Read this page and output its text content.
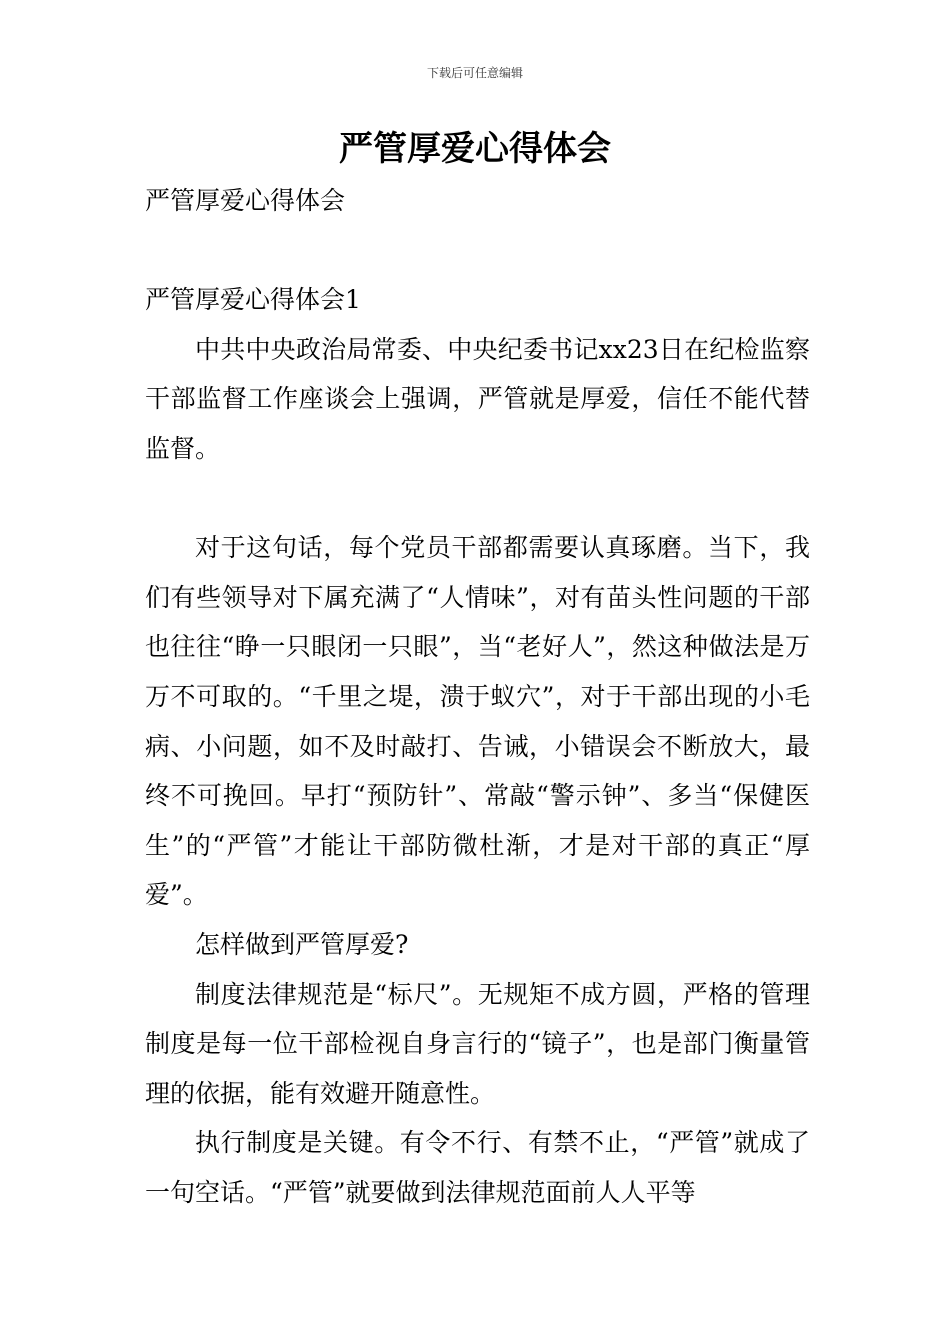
下载后可任意编辑
严管厚爱心得体会

严管厚爱心得体会

严管厚爱心得体会1

中共中央政治局常委、中央纪委书记xx23日在纪检监察干部监督工作座谈会上强调，严管就是厚爱，信任不能代替监督。

对于这句话，每个党员干部都需要认真琢磨。当下，我们有些领导对下属充满了“人情味”，对有苗头性问题的干部也往往“睁一只眼闭一只眼”，当“老好人”，然这种做法是万万不可取的。“千里之堤，溃于蚁穴”，对于干部出现的小毛病、小问题，如不及时敲打、告诫，小错误会不断放大，最终不可挽回。早打“预防针”、常敲“警示钟”、多当“保健医生”的“严管”才能让干部防微杜渐，才是对干部的真正“厚爱”。

怎样做到严管厚爱?

制度法律规范是“标尺”。无规矩不成方圆，严格的管理制度是每一位干部检视自身言行的“镜子”，也是部门衡量管理的依据，能有效避开随意性。

执行制度是关键。有令不行、有禁不止，“严管”就成了一句空话。“严管”就要做到法律规范面前人人平等
